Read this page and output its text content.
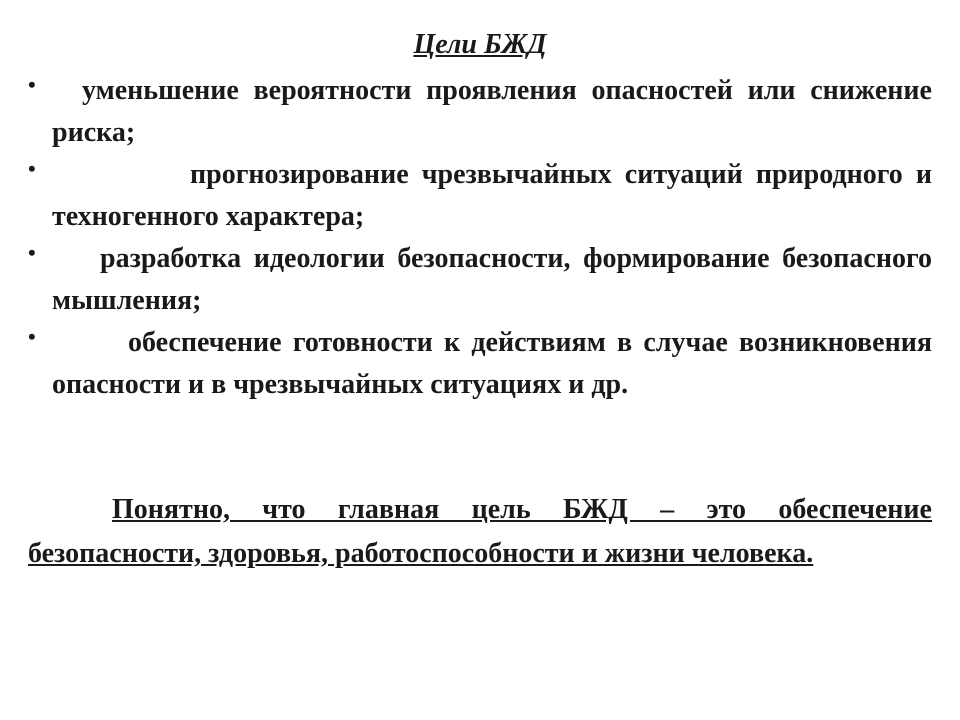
Цели БЖД
•	уменьшение вероятности проявления опасностей или снижение риска;
•	прогнозирование чрезвычайных ситуаций природного и техногенного характера;
•	разработка идеологии безопасности, формирование безопасного мышления;
•	обеспечение готовности к действиям в случае возникновения опасности и в чрезвычайных ситуациях и др.
Понятно, что главная цель БЖД – это обеспечение безопасности, здоровья, работоспособности и жизни человека.
